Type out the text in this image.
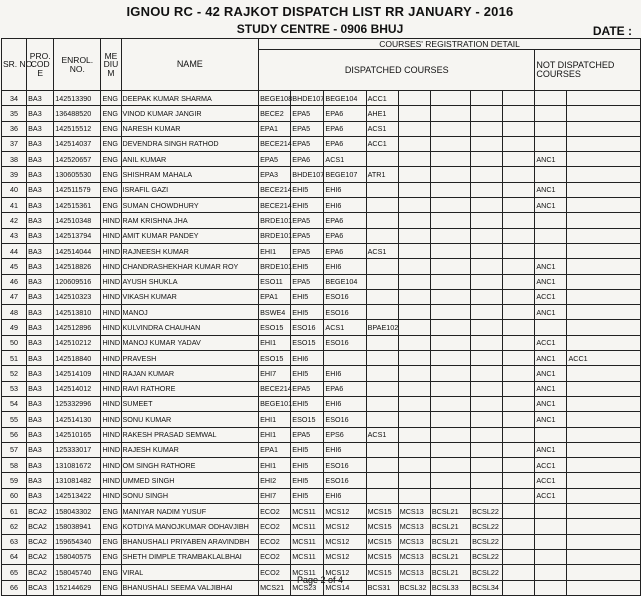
IGNOU RC - 42 RAJKOT DISPATCH LIST RR JANUARY - 2016
STUDY CENTRE - 0906 BHUJ	DATE :
SR. NO.	PRO. COD E	ENROL. NO.	ME DIU M	NAME	COURSES' REGISTRATION DETAIL									
					DISPATCHED COURSES								NOT DISPATCHED COURSES	
34	BA3	142513390	ENG	DEEPAK KUMAR SHARMA	BEGE108	BHDE107	BEGE104	ACC1						
35	BA3	136488520	ENG	VINOD KUMAR JANGIR	BECE2	EPA5	EPA6	AHE1						
36	BA3	142515512	ENG	NARESH KUMAR	EPA1	EPA5	EPA6	ACS1						
37	BA3	142514037	ENG	DEVENDRA SINGH RATHOD	BECE214	EPA5	EPA6	ACC1						
38	BA3	142520657	ENG	ANIL KUMAR	EPA5	EPA6	ACS1						ANC1	
39	BA3	130605530	ENG	SHISHRAM MAHALA	EPA3	BHDE107	BEGE107	ATR1						
40	BA3	142511579	ENG	ISRAFIL GAZI	BECE214	EHI5	EHI6						ANC1	
41	BA3	142515361	ENG	SUMAN CHOWDHURY	BECE214	EHI5	EHI6						ANC1	
42	BA3	142510348	HIND	RAM KRISHNA JHA	BRDE101	EPA5	EPA6							
43	BA3	142513794	HIND	AMIT KUMAR PANDEY	BRDE101	EPA5	EPA6							
44	BA3	142514044	HIND	RAJNEESH KUMAR	EHI1	EPA5	EPA6	ACS1						
45	BA3	142518826	HIND	CHANDRASHEKHAR KUMAR ROY	BRDE101	EHI5	EHI6						ANC1	
46	BA3	120609516	HIND	AYUSH SHUKLA	ESO11	EPA5	BEGE104						ANC1	
47	BA3	142510323	HIND	VIKASH KUMAR	EPA1	EHI5	ESO16						ACC1	
48	BA3	142513810	HIND	MANOJ	BSWE4	EHI5	ESO16						ANC1	
49	BA3	142512896	HIND	KULVINDRA CHAUHAN	ESO15	ESO16	ACS1	BPAE102						
50	BA3	142510212	HIND	MANOJ KUMAR YADAV	EHI1	ESO15	ESO16						ACC1	
51	BA3	142518840	HIND	PRAVESH	ESO15	EHI6							ANC1	ACC1
52	BA3	142514109	HIND	RAJAN KUMAR	EHI7	EHI5	EHI6						ANC1	
53	BA3	142514012	HIND	RAVI RATHORE	BECE214	EPA5	EPA6						ANC1	
54	BA3	125332996	HIND	SUMEET	BEGE101	EHI5	EHI6						ANC1	
55	BA3	142514130	HIND	SONU KUMAR	EHI1	ESO15	ESO16						ANC1	
56	BA3	142510165	HIND	RAKESH PRASAD SEMWAL	EHI1	EPA5	EPS6	ACS1						
57	BA3	125333017	HIND	RAJESH KUMAR	EPA1	EHI5	EHI6						ANC1	
58	BA3	131081672	HIND	OM SINGH RATHORE	EHI1	EHI5	ESO16						ACC1	
59	BA3	131081482	HIND	UMMED SINGH	EHI2	EHI5	ESO16						ACC1	
60	BA3	142513422	HIND	SONU SINGH	EHI7	EHI5	EHI6						ACC1	
61	BCA2	158043302	ENG	MANIYAR NADIM YUSUF	ECO2	MCS11	MCS12	MCS15	MCS13	BCSL21	BCSL22			
62	BCA2	158038941	ENG	KOTDIYA MANOJKUMAR ODHAVJIBH	ECO2	MCS11	MCS12	MCS15	MCS13	BCSL21	BCSL22			
63	BCA2	159654340	ENG	BHANUSHALI PRIYABEN ARAVINDBH	ECO2	MCS11	MCS12	MCS15	MCS13	BCSL21	BCSL22			
64	BCA2	158040575	ENG	SHETH DIMPLE TRAMBAKLALBHAI	ECO2	MCS11	MCS12	MCS15	MCS13	BCSL21	BCSL22			
65	BCA2	158045740	ENG	VIRAL	ECO2	MCS11	MCS12	MCS15	MCS13	BCSL21	BCSL22			
66	BCA3	152144629	ENG	BHANUSHALI SEEMA VALJIBHAI	MCS21	MCS23	MCS14	BCS31	BCSL32	BCSL33	BCSL34			
Page 2 of 4
